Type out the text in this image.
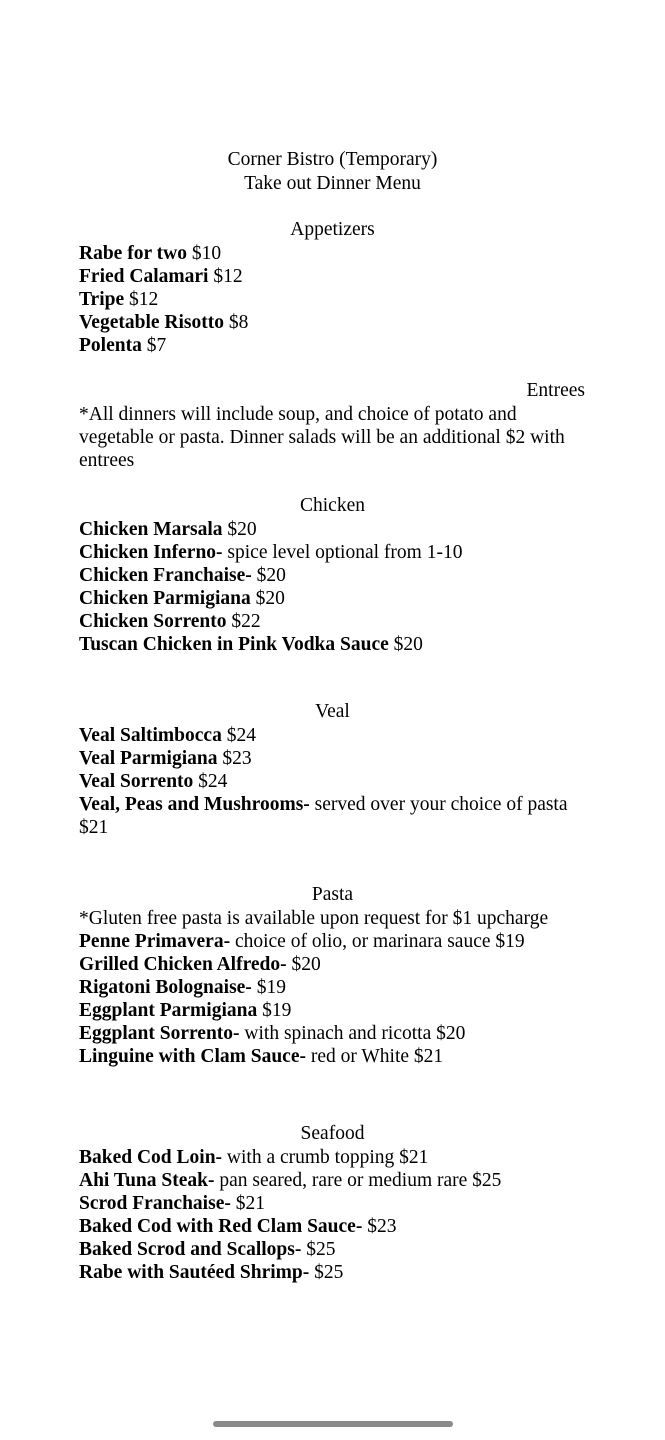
Corner Bistro (Temporary)
Take out Dinner Menu
Appetizers
Rabe for two $10
Fried Calamari $12
Tripe $12
Vegetable Risotto $8
Polenta $7
Entrees
*All dinners will include soup, and choice of potato and vegetable or pasta. Dinner salads will be an additional $2 with entrees
Chicken
Chicken Marsala $20
Chicken Inferno- spice level optional from 1-10
Chicken Franchaise- $20
Chicken Parmigiana $20
Chicken Sorrento $22
Tuscan Chicken in Pink Vodka Sauce $20
Veal
Veal Saltimbocca $24
Veal Parmigiana $23
Veal Sorrento $24
Veal, Peas and Mushrooms- served over your choice of pasta $21
Pasta
*Gluten free pasta is available upon request for $1 upcharge
Penne Primavera- choice of olio, or marinara sauce $19
Grilled Chicken Alfredo- $20
Rigatoni Bolognaise- $19
Eggplant Parmigiana $19
Eggplant Sorrento- with spinach and ricotta $20
Linguine with Clam Sauce- red or White $21
Seafood
Baked Cod Loin- with a crumb topping $21
Ahi Tuna Steak- pan seared, rare or medium rare $25
Scrod Franchaise- $21
Baked Cod with Red Clam Sauce- $23
Baked Scrod and Scallops- $25
Rabe with Sautéed Shrimp- $25
